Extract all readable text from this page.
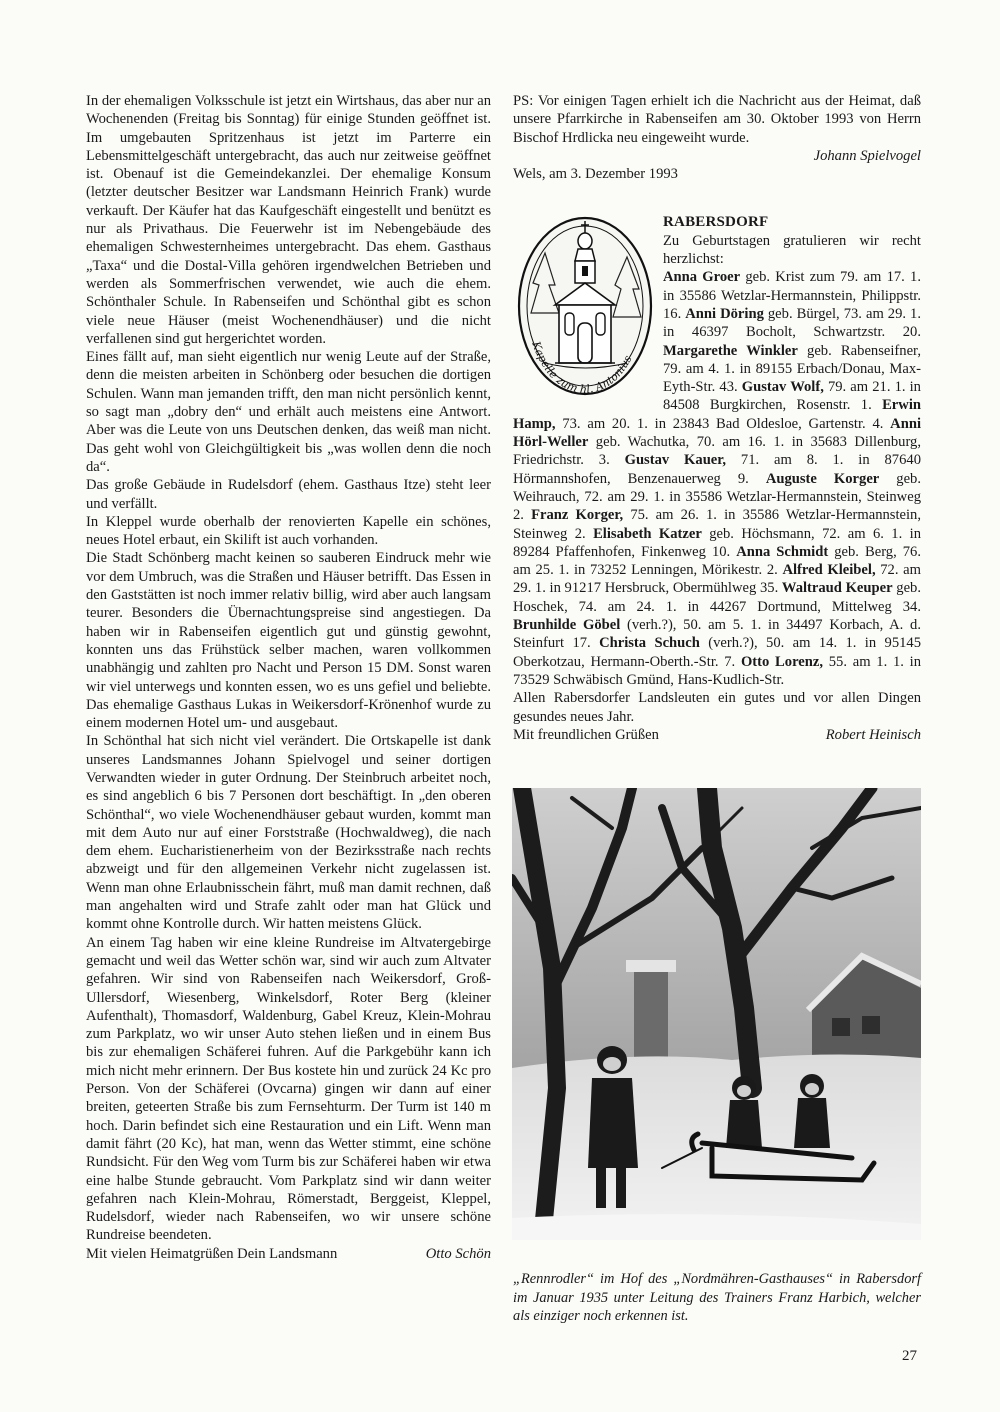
In der ehemaligen Volksschule ist jetzt ein Wirtshaus, das aber nur an Wochenenden (Freitag bis Sonntag) für einige Stunden geöffnet ist. Im umgebauten Spritzenhaus ist jetzt im Parterre ein Lebensmittelgeschäft untergebracht, das auch nur zeitweise geöffnet ist. Obenauf ist die Gemeindekanzlei. Der ehemalige Konsum (letzter deutscher Besitzer war Landsmann Heinrich Frank) wurde verkauft. Der Käufer hat das Kaufgeschäft eingestellt und benützt es nur als Privathaus. Die Feuerwehr ist im Nebengebäude des ehemaligen Schwesternheimes untergebracht. Das ehem. Gasthaus „Taxa“ und die Dostal-Villa gehören irgendwelchen Betrieben und werden als Sommerfrischen verwendet, wie auch die ehem. Schönthaler Schule. In Rabenseifen und Schönthal gibt es schon viele neue Häuser (meist Wochenendhäuser) und die nicht verfallenen sind gut hergerichtet worden.

Eines fällt auf, man sieht eigentlich nur wenig Leute auf der Straße, denn die meisten arbeiten in Schönberg oder besuchen die dortigen Schulen. Wann man jemanden trifft, den man nicht persönlich kennt, so sagt man „dobry den“ und erhält auch meistens eine Antwort. Aber was die Leute von uns Deutschen denken, das weiß man nicht. Das geht wohl von Gleichgültigkeit bis „was wollen denn die noch da“.

Das große Gebäude in Rudelsdorf (ehem. Gasthaus Itze) steht leer und verfällt.

In Kleppel wurde oberhalb der renovierten Kapelle ein schönes, neues Hotel erbaut, ein Skilift ist auch vorhanden.

Die Stadt Schönberg macht keinen so sauberen Eindruck mehr wie vor dem Umbruch, was die Straßen und Häuser betrifft. Das Essen in den Gaststätten ist noch immer relativ billig, wird aber auch langsam teurer. Besonders die Übernachtungspreise sind angestiegen. Da haben wir in Rabenseifen eigentlich gut und günstig gewohnt, konnten uns das Frühstück selber machen, waren vollkommen unabhängig und zahlten pro Nacht und Person 15 DM. Sonst waren wir viel unterwegs und konnten essen, wo es uns gefiel und beliebte. Das ehemalige Gasthaus Lukas in Weikersdorf-Krönenhof wurde zu einem modernen Hotel um- und ausgebaut.

In Schönthal hat sich nicht viel verändert. Die Ortskapelle ist dank unseres Landsmannes Johann Spielvogel und seiner dortigen Verwandten wieder in guter Ordnung. Der Steinbruch arbeitet noch, es sind angeblich 6 bis 7 Personen dort beschäftigt. In „den oberen Schönthal“, wo viele Wochenendhäuser gebaut wurden, kommt man mit dem Auto nur auf einer Forststraße (Hochwaldweg), die nach dem ehem. Eucharistienerheim von der Bezirksstraße nach rechts abzweigt und für den allgemeinen Verkehr nicht zugelassen ist. Wenn man ohne Erlaubnisschein fährt, muß man damit rechnen, daß man angehalten wird und Strafe zahlt oder man hat Glück und kommt ohne Kontrolle durch. Wir hatten meistens Glück.

An einem Tag haben wir eine kleine Rundreise im Altvatergebirge gemacht und weil das Wetter schön war, sind wir auch zum Altvater gefahren. Wir sind von Rabenseifen nach Weikersdorf, Groß-Ullersdorf, Wiesenberg, Winkelsdorf, Roter Berg (kleiner Aufenthalt), Thomasdorf, Waldenburg, Gabel Kreuz, Klein-Mohrau zum Parkplatz, wo wir unser Auto stehen ließen und in einem Bus bis zur ehemaligen Schäferei fuhren. Auf die Parkgebühr kann ich mich nicht mehr erinnern. Der Bus kostete hin und zurück 24 Kc pro Person. Von der Schäferei (Ovcarna) gingen wir dann auf einer breiten, geteerten Straße bis zum Fernsehturm. Der Turm ist 140 m hoch. Darin befindet sich eine Restauration und ein Lift. Wenn man damit fährt (20 Kc), hat man, wenn das Wetter stimmt, eine schöne Rundsicht. Für den Weg vom Turm bis zur Schäferei haben wir etwa eine halbe Stunde gebraucht. Vom Parkplatz sind wir dann weiter gefahren nach Klein-Mohrau, Römerstadt, Berggeist, Kleppel, Rudelsdorf, wieder nach Rabenseifen, wo wir unsere schöne Rundreise beendeten.

Mit vielen Heimatgrüßen Dein Landsmann	Otto Schön

PS: Vor einigen Tagen erhielt ich die Nachricht aus der Heimat, daß unsere Pfarrkirche in Rabenseifen am 30. Oktober 1993 von Herrn Bischof Hrdlicka neu eingeweiht wurde.

Johann Spielvogel

Wels, am 3. Dezember 1993

Kapelle zum hl. Antonius

RABERSDORF

Zu Geburtstagen gratulieren wir recht herzlichst:

Anna Groer geb. Krist zum 79. am 17. 1. in 35586 Wetzlar-Hermannstein, Philippstr. 16. Anni Döring geb. Bürgel, 73. am 29. 1. in 46397 Bocholt, Schwartzstr. 20. Margarethe Winkler geb. Rabenseifner, 79. am 4. 1. in 89155 Erbach/Donau, Max-Eyth-Str. 43. Gustav Wolf, 79. am 21. 1. in 84508 Burgkirchen, Rosenstr. 1. Erwin Hamp, 73. am 20. 1. in 23843 Bad Oldesloe, Gartenstr. 4. Anni Hörl-Weller geb. Wachutka, 70. am 16. 1. in 35683 Dillenburg, Friedrichstr. 3. Gustav Kauer, 71. am 8. 1. in 87640 Hörmannshofen, Benzenauerweg 9. Auguste Korger geb. Weihrauch, 72. am 29. 1. in 35586 Wetzlar-Hermannstein, Steinweg 2. Franz Korger, 75. am 26. 1. in 35586 Wetzlar-Hermannstein, Steinweg 2. Elisabeth Katzer geb. Höchsmann, 72. am 6. 1. in 89284 Pfaffenhofen, Finkenweg 10. Anna Schmidt geb. Berg, 76. am 25. 1. in 73252 Lenningen, Mörikestr. 2. Alfred Kleibel, 72. am 29. 1. in 91217 Hersbruck, Obermühlweg 35. Waltraud Keuper geb. Hoschek, 74. am 24. 1. in 44267 Dortmund, Mittelweg 34. Brunhilde Göbel (verh.?), 50. am 5. 1. in 34497 Korbach, A. d. Steinfurt 17. Christa Schuch (verh.?), 50. am 14. 1. in 95145 Oberkotzau, Hermann-Oberth.-Str. 7. Otto Lorenz, 55. am 1. 1. in 73529 Schwäbisch Gmünd, Hans-Kudlich-Str.

Allen Rabersdorfer Landsleuten ein gutes und vor allen Dingen gesundes neues Jahr.

Mit freundlichen Grüßen	Robert Heinisch

„Rennrodler“ im Hof des „Nordmähren-Gasthauses“ in Rabersdorf im Januar 1935 unter Leitung des Trainers Franz Harbich, welcher als einziger noch erkennen ist.

27
